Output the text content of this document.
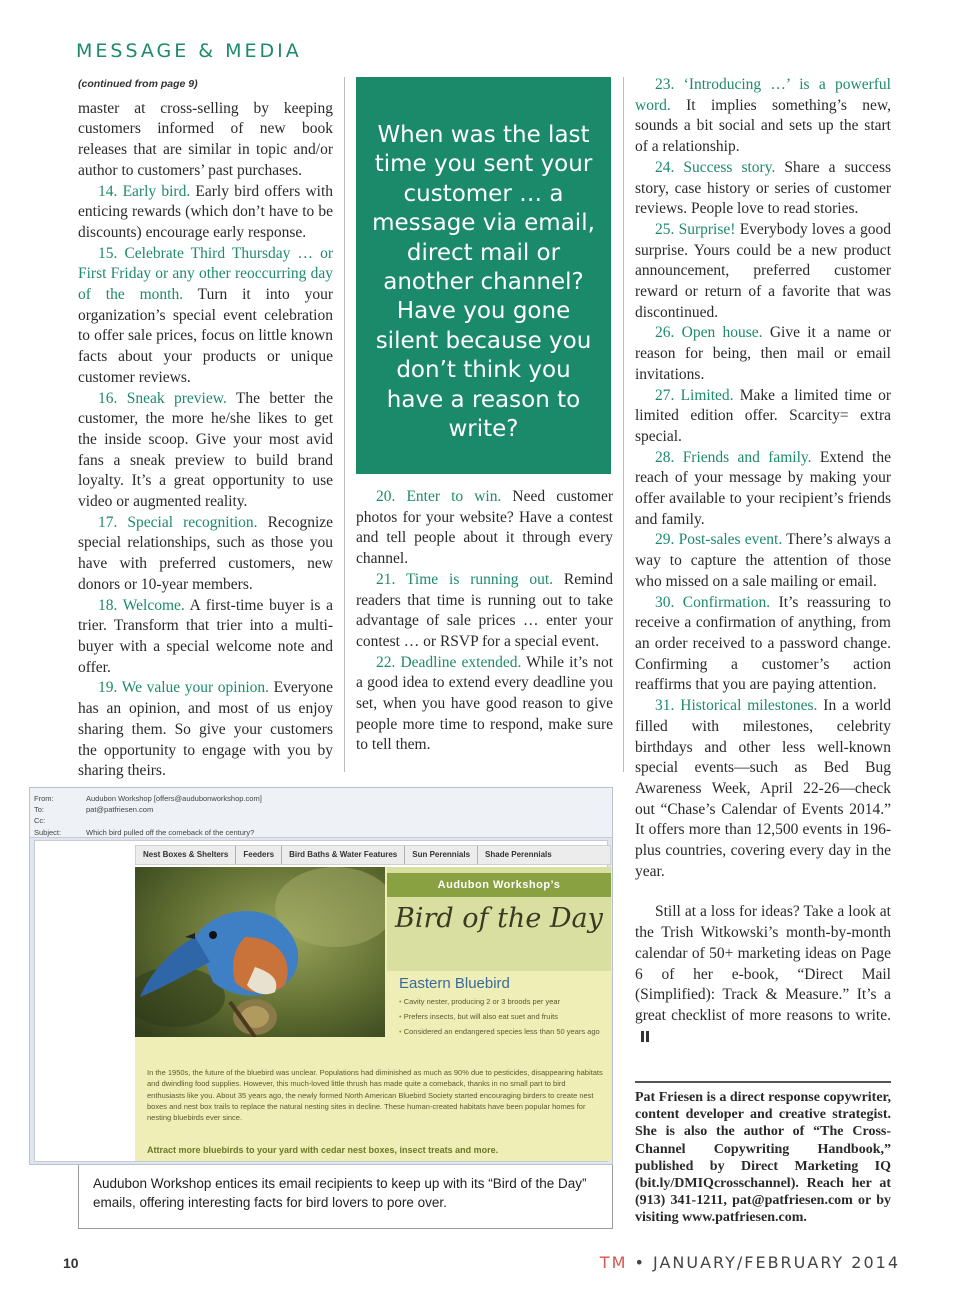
MESSAGE & MEDIA
(continued from page 9)

master at cross-selling by keeping customers informed of new book releases that are similar in topic and/or author to customers’ past purchases.

14. Early bird. Early bird offers with enticing rewards (which don’t have to be discounts) encourage early response.

15. Celebrate Third Thursday … or First Friday or any other reoccurring day of the month. Turn it into your organization’s special event celebration to offer sale prices, focus on little known facts about your products or unique customer reviews.

16. Sneak preview. The better the customer, the more he/she likes to get the inside scoop. Give your most avid fans a sneak preview to build brand loyalty. It’s a great opportunity to use video or augmented reality.

17. Special recognition. Recognize special relationships, such as those you have with preferred customers, new donors or 10-year members.

18. Welcome. A first-time buyer is a trier. Transform that trier into a multi-buyer with a special welcome note and offer.

19. We value your opinion. Everyone has an opinion, and most of us enjoy sharing them. So give your customers the opportunity to engage with you by sharing theirs.

When was the last time you sent your customer … a message via email, direct mail or another channel? Have you gone silent because you don’t think you have a reason to write?

20. Enter to win. Need customer photos for your website? Have a contest and tell people about it through every channel.

21. Time is running out. Remind readers that time is running out to take advantage of sale prices … enter your contest … or RSVP for a special event.

22. Deadline extended. While it’s not a good idea to extend every deadline you set, when you have good reason to give people more time to respond, make sure to tell them.

23. ‘Introducing …’ is a powerful word. It implies something’s new, sounds a bit social and sets up the start of a relationship.

24. Success story. Share a success story, case history or series of customer reviews. People love to read stories.

25. Surprise! Everybody loves a good surprise. Yours could be a new product announcement, preferred customer reward or return of a favorite that was discontinued.

26. Open house. Give it a name or reason for being, then mail or email invitations.

27. Limited. Make a limited time or limited edition offer. Scarcity= extra special.

28. Friends and family. Extend the reach of your message by making your offer available to your recipient’s friends and family.

29. Post-sales event. There’s always a way to capture the attention of those who missed on a sale mailing or email.

30. Confirmation. It’s reassuring to receive a confirmation of anything, from an order received to a password change. Confirming a customer’s action reaffirms that you are paying attention.

31. Historical milestones. In a world filled with milestones, celebrity birthdays and other less well-known special events—such as Bed Bug Awareness Week, April 22-26—check out “Chase’s Calendar of Events 2014.” It offers more than 12,500 events in 196-plus countries, covering every day in the year.

Still at a loss for ideas? Take a look at the Trish Witkowski’s month-by-month calendar of 50+ marketing ideas on Page 6 of her e-book, “Direct Mail (Simplified): Track & Measure.” It’s a great checklist of more reasons to write.

Pat Friesen is a direct response copywriter, content developer and creative strategist. She is also the author of “The Cross-Channel Copywriting Handbook,” published by Direct Marketing IQ (bit.ly/DMIQcrosschannel). Reach her at (913) 341-1211, pat@patfriesen.com or by visiting www.patfriesen.com.
From:	Audubon Workshop [offers@audubonworkshop.com]
To:	pat@patfriesen.com
Cc:
Subject:	Which bird pulled off the comeback of the century?
Nest Boxes & Shelters	Feeders	Bird Baths & Water Features	Sun Perennials	Shade Perennials
Audubon Workshop’s
Bird of the Day
Eastern Bluebird
• Cavity nester, producing 2 or 3 broods per year
• Prefers insects, but will also eat suet and fruits
• Considered an endangered species less than 50 years ago
In the 1950s, the future of the bluebird was unclear. Populations had diminished as much as 90% due to pesticides, disappearing habitats and dwindling food supplies. However, this much-loved little thrush has made quite a comeback, thanks in no small part to bird enthusiasts like you. About 35 years ago, the newly formed North American Bluebird Society started encouraging birders to create nest boxes and nest box trails to replace the natural nesting sites in decline. These human-created habitats have been popular homes for nesting bluebirds ever since.
Attract more bluebirds to your yard with cedar nest boxes, insect treats and more.
Audubon Workshop entices its email recipients to keep up with its “Bird of the Day” emails, offering interesting facts for bird lovers to pore over.
10	TM • JANUARY/FEBRUARY 2014
